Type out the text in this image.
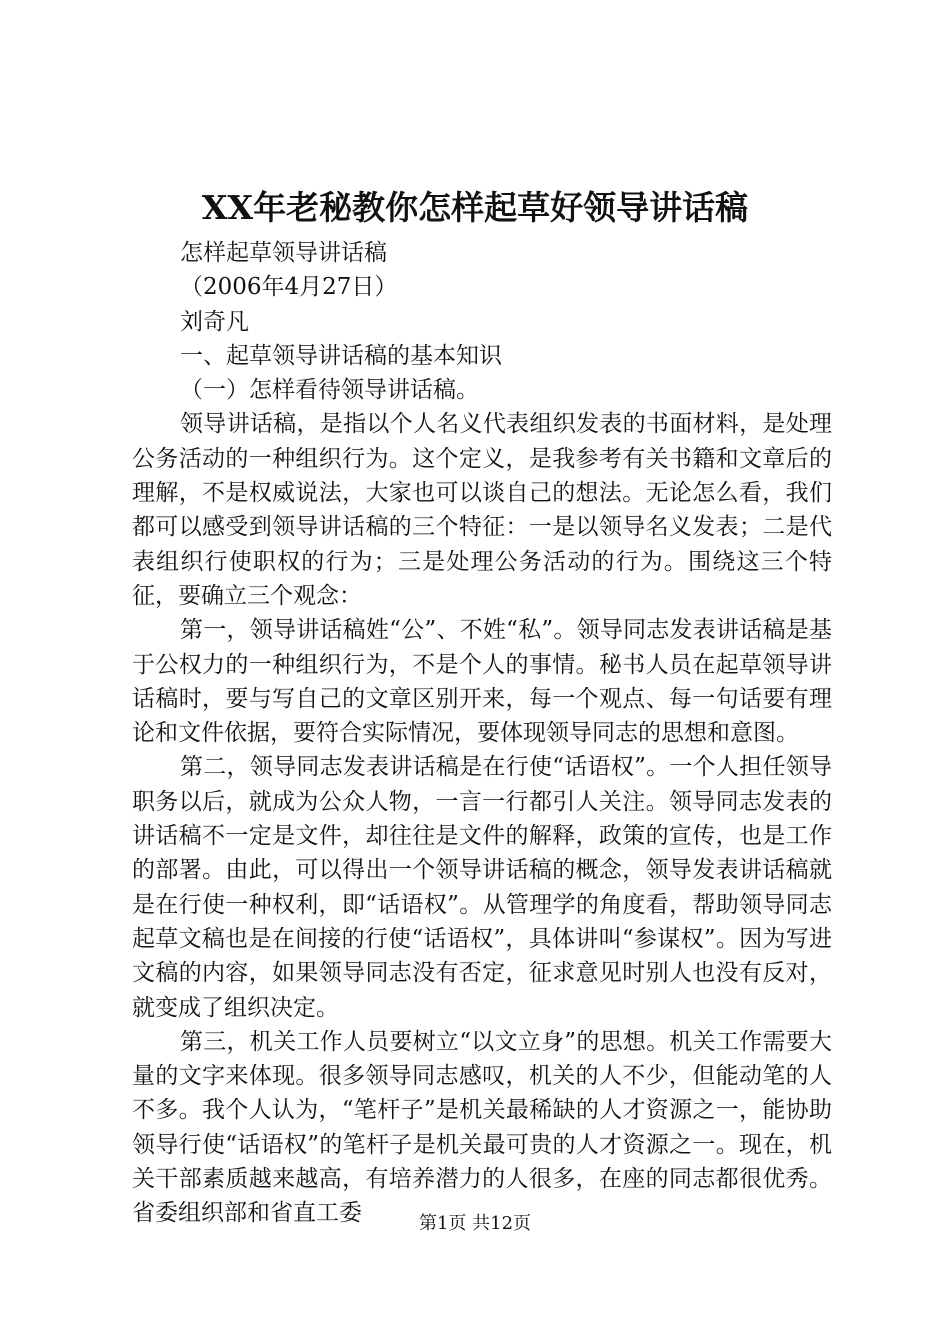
XX年老秘教你怎样起草好领导讲话稿
怎样起草领导讲话稿
（2006年4月27日）
刘奇凡
一、起草领导讲话稿的基本知识
（一）怎样看待领导讲话稿。

领导讲话稿，是指以个人名义代表组织发表的书面材料，是处理公务活动的一种组织行为。这个定义，是我参考有关书籍和文章后的理解，不是权威说法，大家也可以谈自己的想法。无论怎么看，我们都可以感受到领导讲话稿的三个特征：一是以领导名义发表；二是代表组织行使职权的行为；三是处理公务活动的行为。围绕这三个特征，要确立三个观念：

第一，领导讲话稿姓“公”、不姓“私”。领导同志发表讲话稿是基于公权力的一种组织行为，不是个人的事情。秘书人员在起草领导讲话稿时，要与写自己的文章区别开来，每一个观点、每一句话要有理论和文件依据，要符合实际情况，要体现领导同志的思想和意图。

第二，领导同志发表讲话稿是在行使“话语权”。一个人担任领导职务以后，就成为公众人物，一言一行都引人关注。领导同志发表的讲话稿不一定是文件，却往往是文件的解释，政策的宣传，也是工作的部署。由此，可以得出一个领导讲话稿的概念，领导发表讲话稿就是在行使一种权利，即“话语权”。从管理学的角度看，帮助领导同志起草文稿也是在间接的行使“话语权”，具体讲叫“参谋权”。因为写进文稿的内容，如果领导同志没有否定，征求意见时别人也没有反对，就变成了组织决定。

第三，机关工作人员要树立“以文立身”的思想。机关工作需要大量的文字来体现。很多领导同志感叹，机关的人不少，但能动笔的人不多。我个人认为，“笔杆子”是机关最稀缺的人才资源之一，能协助领导行使“话语权”的笔杆子是机关最可贵的人才资源之一。现在，机关干部素质越来越高，有培养潜力的人很多，在座的同志都很优秀。省委组织部和省直工委	第1页 共12页
